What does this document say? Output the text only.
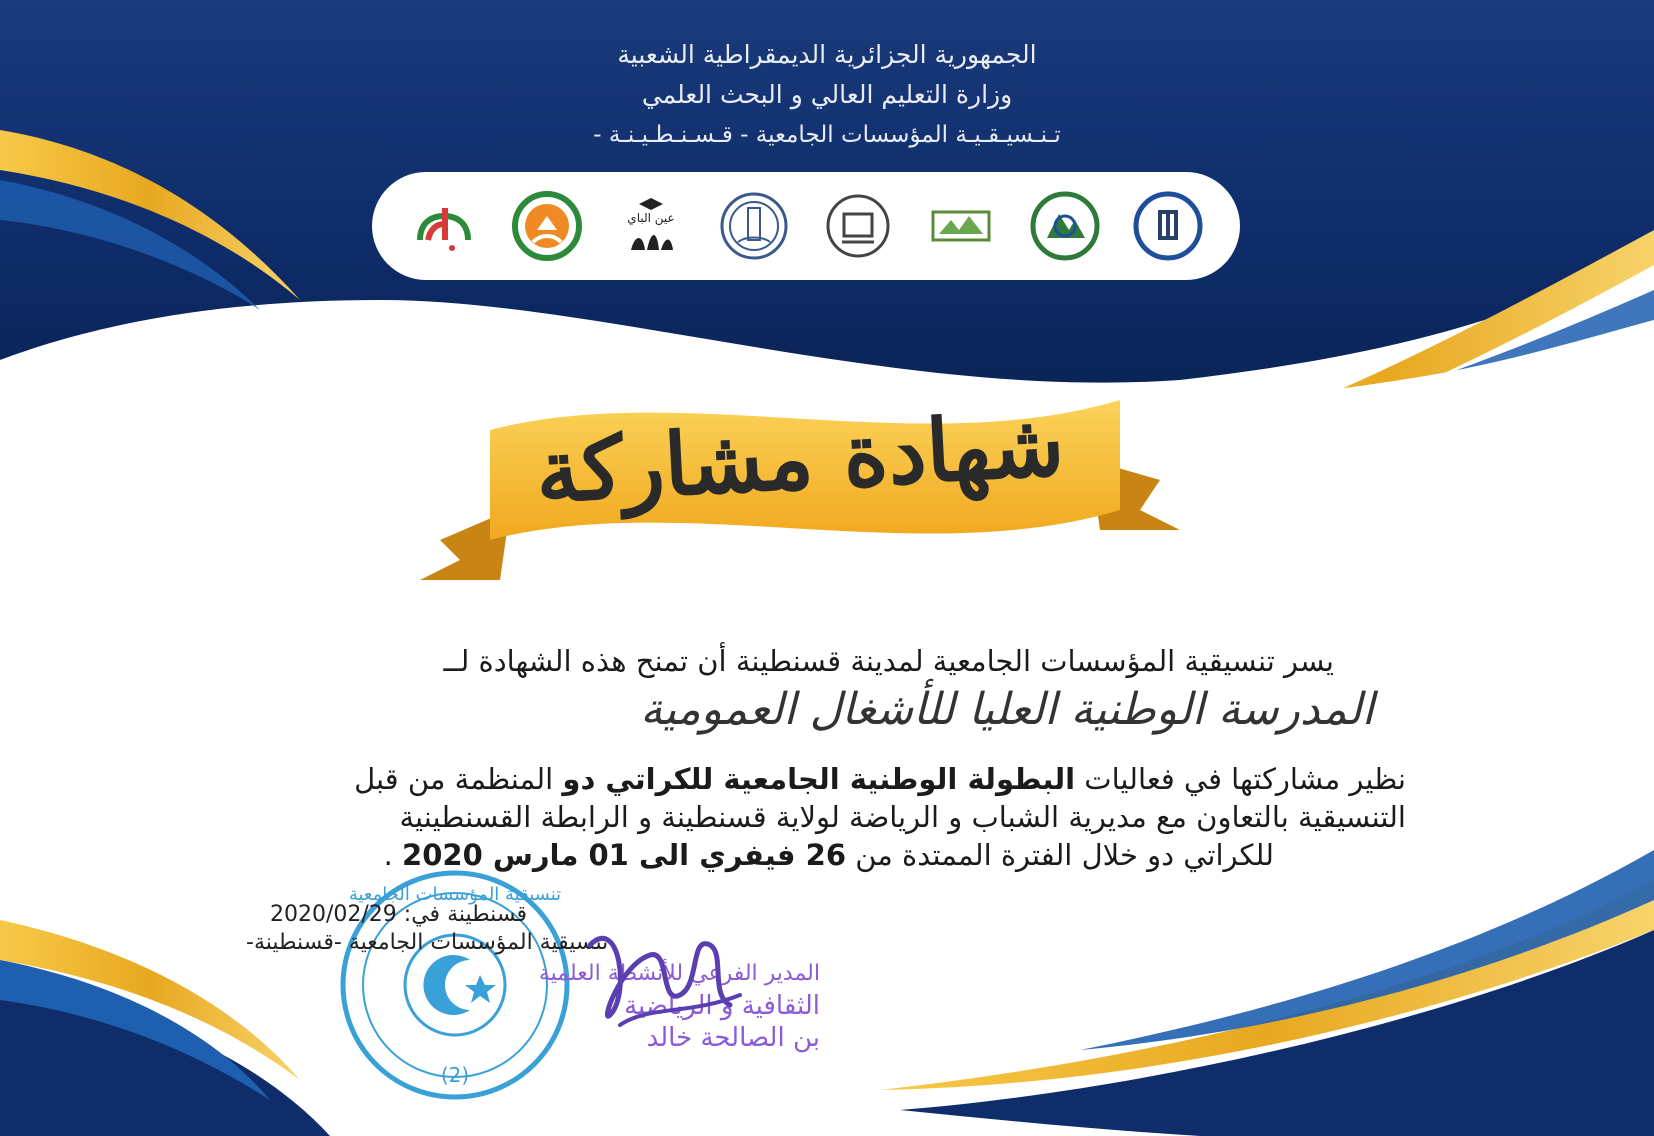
الجمهورية الجزائرية الديمقراطية الشعبية
وزارة التعليم العالي و البحث العلمي
تـنـسيـقـيـة المؤسسات الجامعية - قـسـنـطـيـنـة -
عين الباي
شهادة مشاركة
يسر تنسيقية المؤسسات الجامعية لمدينة قسنطينة أن تمنح هذه الشهادة لــ
المدرسة الوطنية العليا للأشغال العمومية
نظير مشاركتها في فعاليات البطولة الوطنية الجامعية للكراتي دو المنظمة من قبل
التنسيقية بالتعاون مع مديرية الشباب و الرياضة لولاية قسنطينة و الرابطة القسنطينية
للكراتي دو خلال الفترة الممتدة من 26 فيفري الى 01 مارس 2020 .
(2)
تنسيقية المؤسسات الجامعية
قسنطينة في: 2020/02/29
تنسيقية المؤسسات الجامعية -قسنطينة-
المدير الفرعي للأنشطة العلمية
الثقافية و الرياضية
بن الصالحة خالد
